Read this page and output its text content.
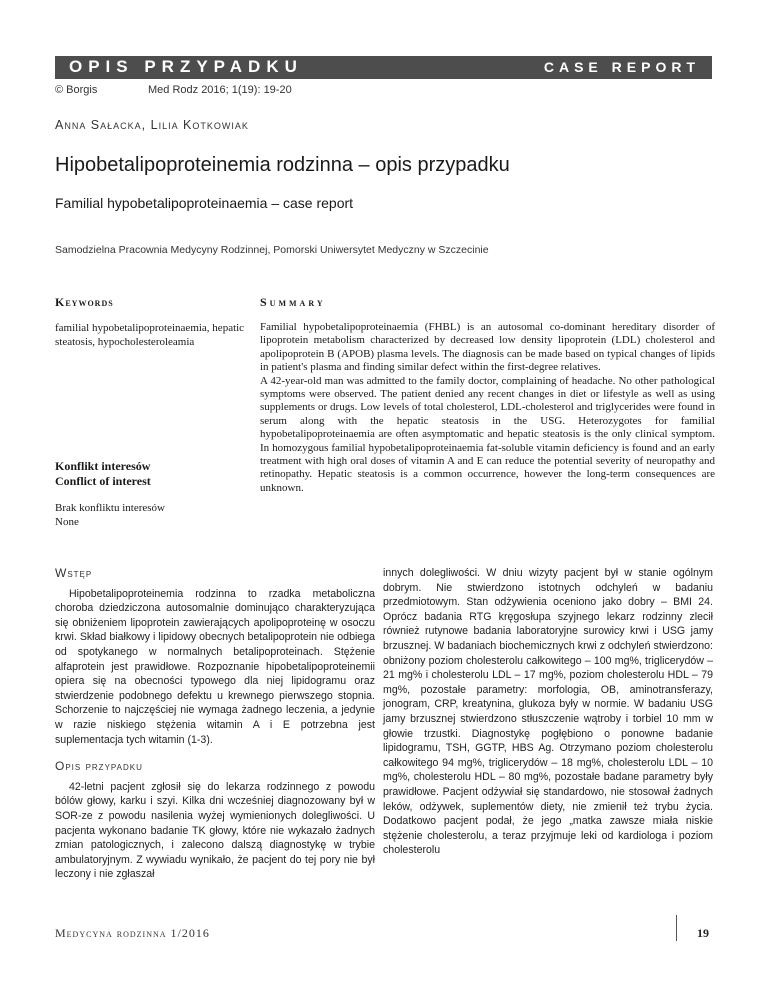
OPIS PRZYPADKU	CASE REPORT
© Borgis	Med Rodz 2016; 1(19): 19-20
Anna Sałacka, Lilia Kotkowiak
Hipobetalipoproteinemia rodzinna – opis przypadku
Familial hypobetalipoproteinaemia – case report
Samodzielna Pracownia Medycyny Rodzinnej, Pomorski Uniwersytet Medyczny w Szczecinie
Keywords	Summary
familial hypobetalipoproteinaemia, hepatic steatosis, hypocholesteroleamia

Familial hypobetalipoproteinaemia (FHBL) is an autosomal co-dominant hereditary disorder of lipoprotein metabolism characterized by decreased low density lipoprotein (LDL) cholesterol and apolipoprotein B (APOB) plasma levels. The diagnosis can be made based on typical changes of lipids in patient's plasma and finding similar defect within the first-degree relatives.

A 42-year-old man was admitted to the family doctor, complaining of headache. No other pathological symptoms were observed. The patient denied any recent changes in diet or lifestyle as well as using supplements or drugs. Low levels of total cholesterol, LDL-cholesterol and triglycerides were found in serum along with the hepatic steatosis in the USG. Heterozygotes for familial hypobetalipoproteinaemia are often asymptomatic and hepatic steatosis is the only clinical symptom. In homozygous familial hypobetalipoproteinaemia fat-soluble vitamin deficiency is found and an early treatment with high oral doses of vitamin A and E can reduce the potential severity of neuropathy and retinopathy. Hepatic steatosis is a common occurrence, however the long-term consequences are unknown.

Konflikt interesów
Conflict of interest
Brak konfliktu interesów
None
Wstęp
Hipobetalipoproteinemia rodzinna to rzadka metaboliczna choroba dziedziczona autosomalnie dominująco charakteryzująca się obniżeniem lipoprotein zawierających apolipoproteinę w osoczu krwi. Skład białkowy i lipidowy obecnych betalipoprotein nie odbiega od spotykanego w normalnych betalipoproteinach. Stężenie alfaprotein jest prawidłowe. Rozpoznanie hipobetalipoproteinemii opiera się na obecności typowego dla niej lipidogramu oraz stwierdzenie podobnego defektu u krewnego pierwszego stopnia. Schorzenie to najczęściej nie wymaga żadnego leczenia, a jedynie w razie niskiego stężenia witamin A i E potrzebna jest suplementacja tych witamin (1-3).
Opis przypadku
42-letni pacjent zgłosił się do lekarza rodzinnego z powodu bólów głowy, karku i szyi. Kilka dni wcześniej diagnozowany był w SOR-ze z powodu nasilenia wyżej wymienionych dolegliwości. U pacjenta wykonano badanie TK głowy, które nie wykazało żadnych zmian patologicznych, i zalecono dalszą diagnostykę w trybie ambulatoryjnym. Z wywiadu wynikało, że pacjent do tej pory nie był leczony i nie zgłaszał
innych dolegliwości. W dniu wizyty pacjent był w stanie ogólnym dobrym. Nie stwierdzono istotnych odchyleń w badaniu przedmiotowym. Stan odżywienia oceniono jako dobry – BMI 24. Oprócz badania RTG kręgosłupa szyjnego lekarz rodzinny zlecił również rutynowe badania laboratoryjne surowicy krwi i USG jamy brzusznej. W badaniach biochemicznych krwi z odchyleń stwierdzono: obniżony poziom cholesterolu całkowitego – 100 mg%, triglicerydów – 21 mg% i cholesterolu LDL – 17 mg%, poziom cholesterolu HDL – 79 mg%, pozostałe parametry: morfologia, OB, aminotransferazy, jonogram, CRP, kreatynina, glukoza były w normie. W badaniu USG jamy brzusznej stwierdzono stłuszczenie wątroby i torbiel 10 mm w głowie trzustki. Diagnostykę pogłębiono o ponowne badanie lipidogramu, TSH, GGTP, HBS Ag. Otrzymano poziom cholesterolu całkowitego 94 mg%, triglicerydów – 18 mg%, cholesterolu LDL – 10 mg%, cholesterolu HDL – 80 mg%, pozostałe badane parametry były prawidłowe. Pacjent odżywiał się standardowo, nie stosował żadnych leków, odżywek, suplementów diety, nie zmienił też trybu życia. Dodatkowo pacjent podał, że jego „matka zawsze miała niskie stężenie cholesterolu, a teraz przyjmuje leki od kardiologa i poziom cholesterolu
Medycyna rodzinna 1/2016	19
